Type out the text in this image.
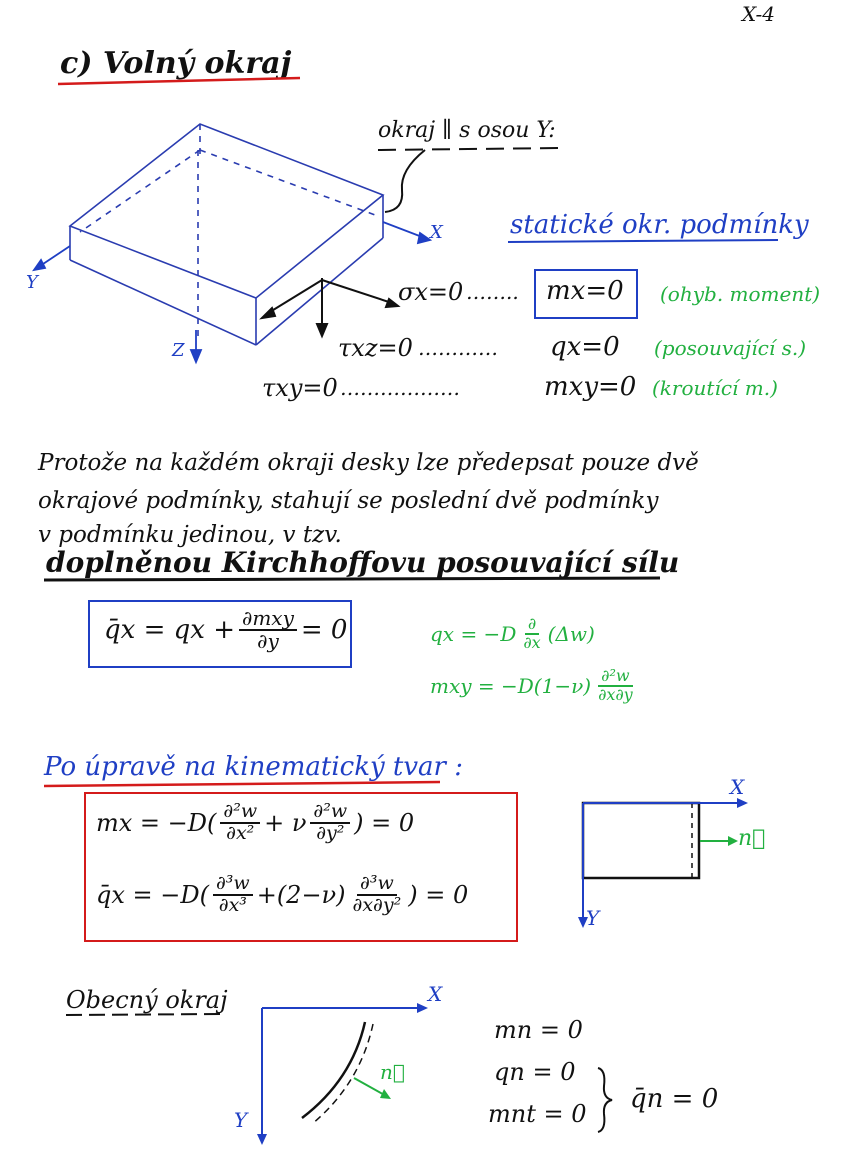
X-4
c) Volný okraj
okraj ∥ s osou Y:
X
Y
Z
statické okr. podmínky
σx=0 …….. mx=0 (ohyb. moment)
τxz=0 ………… qx=0 (posouvající s.)
τxy=0 ………………	mxy=0 (kroutící m.)
Protože na každém okraji desky lze předepsat pouze dvě
okrajové podmínky, stahují se poslední dvě podmínky
v podmínku jedinou, v tzv.
doplněnou Kirchhoffovu posouvající sílu
q̄x = qx + $\frac{\text{∂mxy}}{\partial y} = 0$	qx = $-D \frac{\partial}{\partial x} (\Delta w)$
mxy = $-D(1-\nu) \frac{\text{∂²w}}{\partial x\partial y}$
Po úpravě na kinematický tvar :
mx = $-D( \frac{\text{∂²w}}{\text{∂x²}} + \nu \frac{\text{∂²w}}{\text{∂y²}}$ ) = 0
q̄x = $-D( \frac{\text{∂³w}}{\text{∂x³}} +(2-\nu) \frac{\text{∂³w}}{\text{∂x∂y²}}$ ) = 0
X
Y
n⃗
Obecný okraj	X
Y
n⃗
mn = 0
qn = 0
mnt = 0 q̄n = 0
